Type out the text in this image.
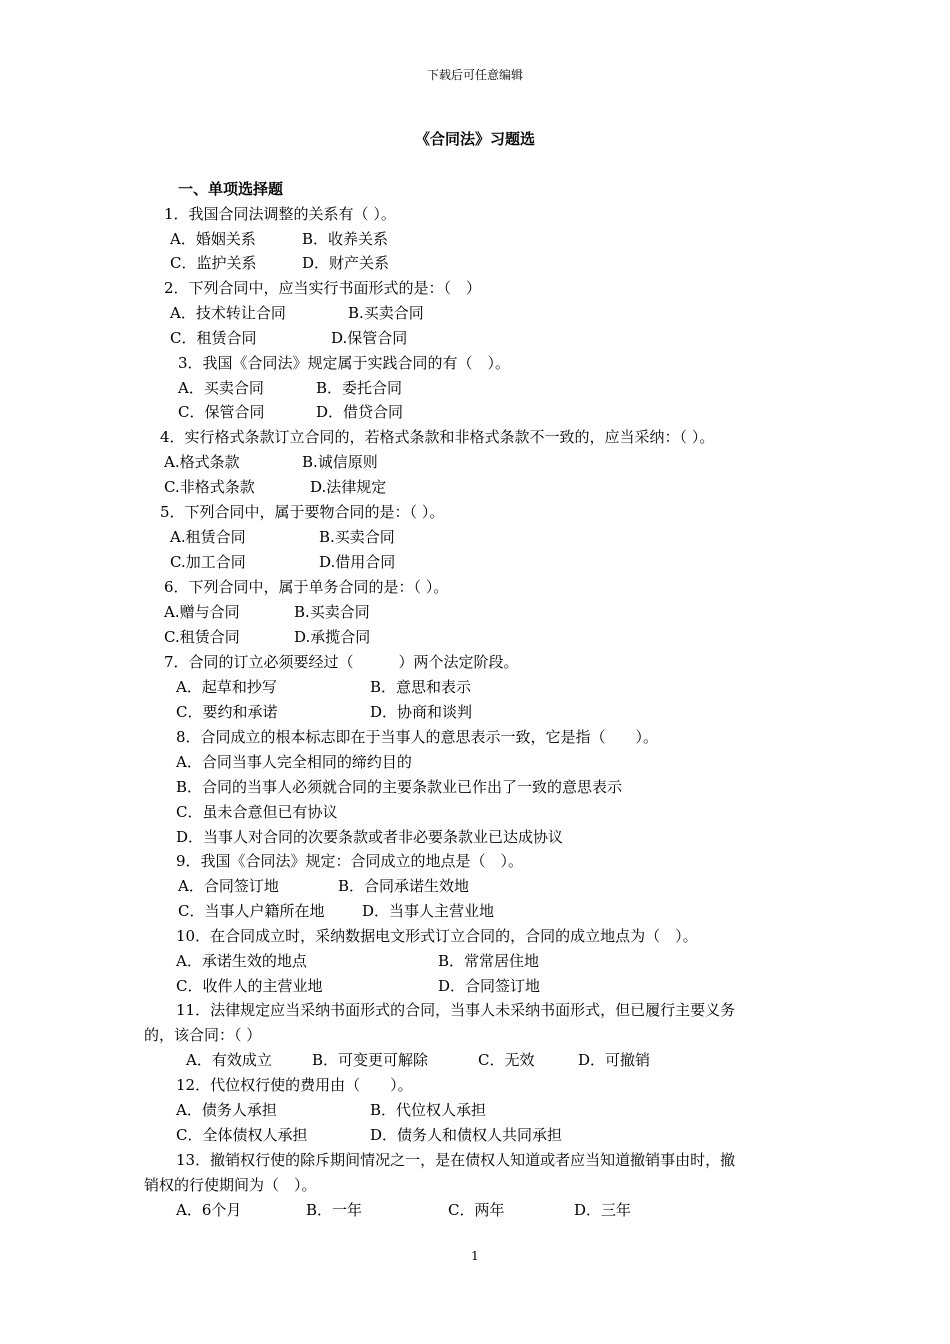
下载后可任意编辑
《合同法》习题选
一、单项选择题
1．我国合同法调整的关系有（ ）。
A．婚姻关系	B．收养关系
C．监护关系	D．财产关系
2．下列合同中，应当实行书面形式的是：（　）
A．技术转让合同	B.买卖合同
C．租赁合同	D.保管合同
3．我国《合同法》规定属于实践合同的有（　）。
A．买卖合同	B．委托合同
C．保管合同	D．借贷合同
4．实行格式条款订立合同的，若格式条款和非格式条款不一致的，应当采纳：（ ）。
A.格式条款	B.诚信原则
C.非格式条款	D.法律规定
5．下列合同中，属于要物合同的是：（ ）。
A.租赁合同	B.买卖合同
C.加工合同	D.借用合同
6．下列合同中，属于单务合同的是：（ ）。
A.赠与合同	B.买卖合同
C.租赁合同	D.承揽合同
7．合同的订立必须要经过（　　　）两个法定阶段。
A．起草和抄写	B．意思和表示
C．要约和承诺	D．协商和谈判
8．合同成立的根本标志即在于当事人的意思表示一致，它是指（　　）。
A．合同当事人完全相同的缔约目的
B．合同的当事人必须就合同的主要条款业已作出了一致的意思表示
C．虽未合意但已有协议
D．当事人对合同的次要条款或者非必要条款业已达成协议
9．我国《合同法》规定：合同成立的地点是（　）。
A．合同签订地	B．合同承诺生效地
C．当事人户籍所在地	D．当事人主营业地
10．在合同成立时，采纳数据电文形式订立合同的，合同的成立地点为（　）。
A．承诺生效的地点	B．常常居住地
C．收件人的主营业地	D．合同签订地
11．法律规定应当采纳书面形式的合同，当事人未采纳书面形式，但已履行主要义务
的，该合同：（ ）
A．有效成立	B．可变更可解除	C．无效	D．可撤销
12．代位权行使的费用由（　　）。
A．债务人承担	B．代位权人承担
C．全体债权人承担	D．债务人和债权人共同承担
13．撤销权行使的除斥期间情况之一，是在债权人知道或者应当知道撤销事由时，撤
销权的行使期间为（　）。
A．6个月	B．一年	C．两年	D．三年
1
